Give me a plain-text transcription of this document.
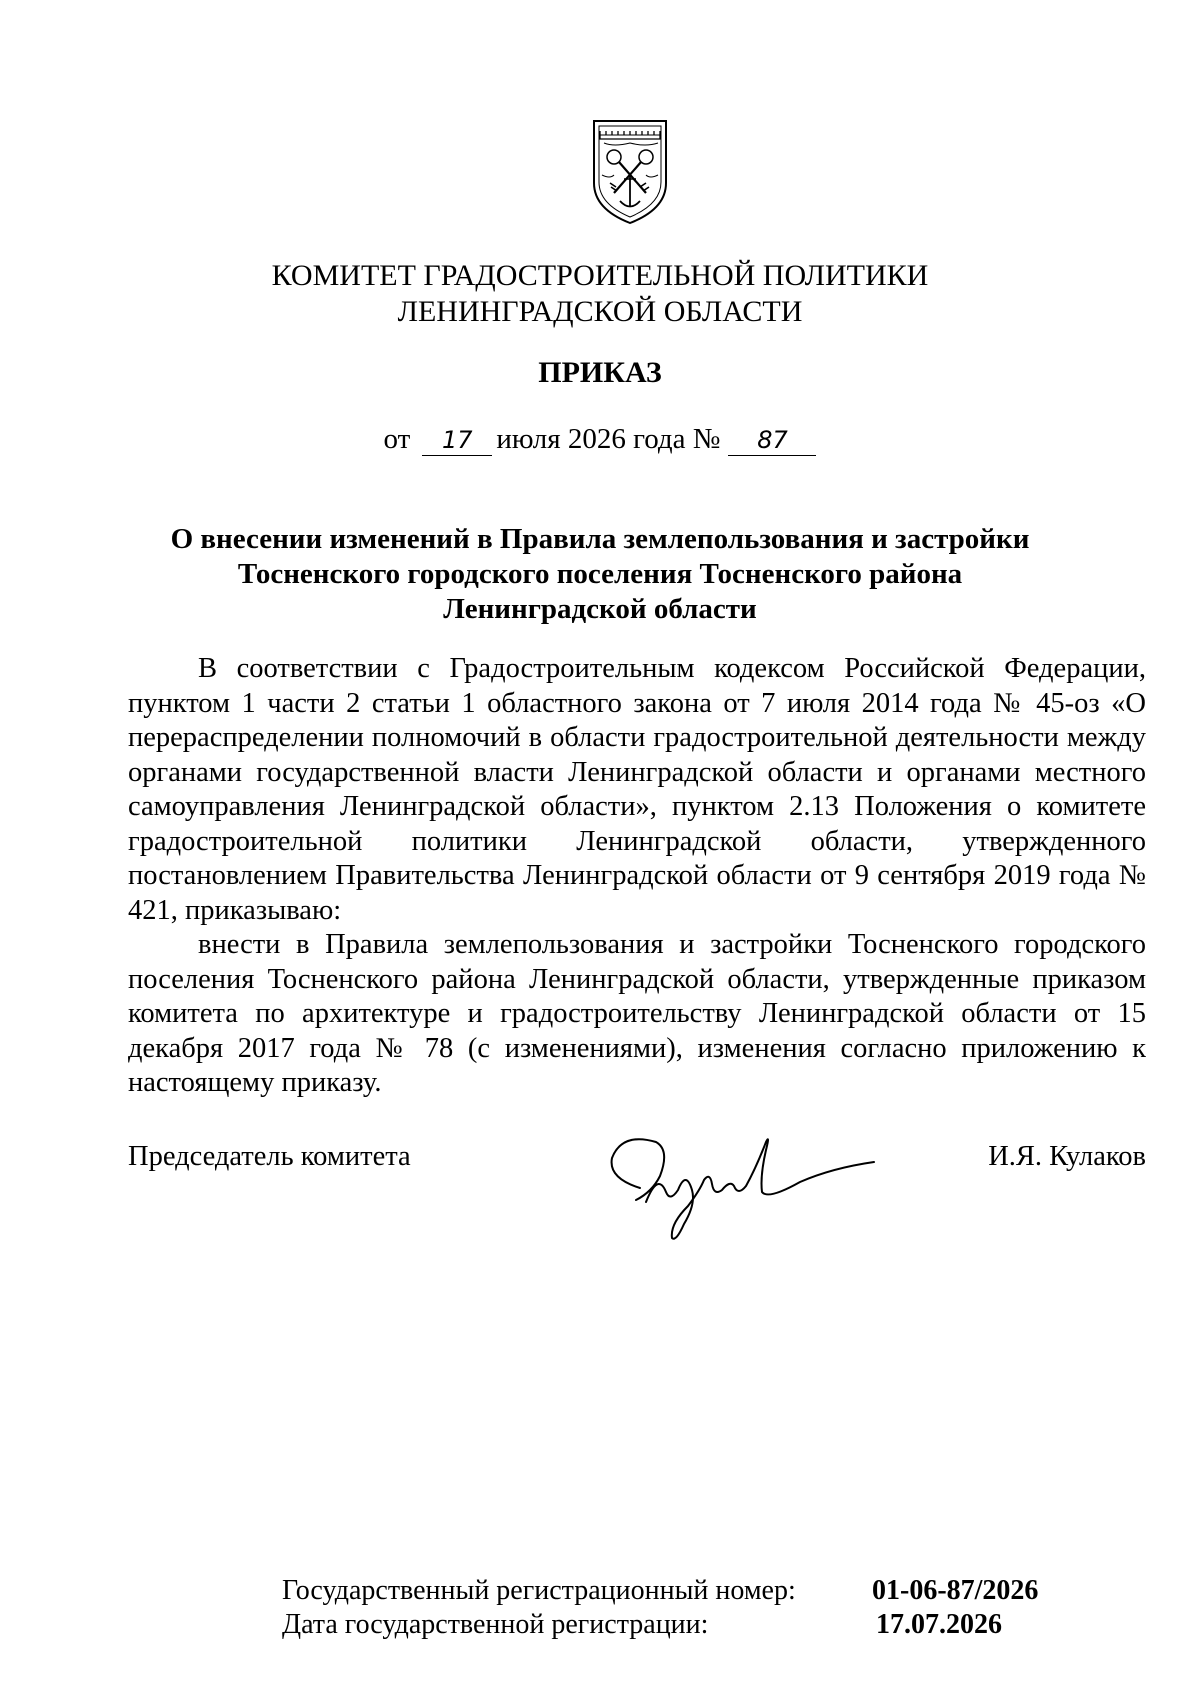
КОМИТЕТ ГРАДОСТРОИТЕЛЬНОЙ ПОЛИТИКИ
ЛЕНИНГРАДСКОЙ ОБЛАСТИ
ПРИКАЗ
от 17 июля 2026 года № 87
О внесении изменений в Правила землепользования и застройки
Тосненского городского поселения Тосненского района
Ленинградской области

В соответствии с Градостроительным кодексом Российской Федерации, пунктом 1 части 2 статьи 1 областного закона от 7 июля 2014 года № 45-оз «О перераспределении полномочий в области градостроительной деятельности между органами государственной власти Ленинградской области и органами местного самоуправления Ленинградской области», пунктом 2.13 Положения о комитете градостроительной политики Ленинградской области, утвержденного постановлением Правительства Ленинградской области от 9 сентября 2019 года № 421, приказываю:

внести в Правила землепользования и застройки Тосненского городского поселения Тосненского района Ленинградской области, утвержденные приказом комитета по архитектуре и градостроительству Ленинградской области от 15 декабря 2017 года № 78 (с изменениями), изменения согласно приложению к настоящему приказу.

Председатель комитета	И.Я. Кулаков
Государственный регистрационный номер:	01-06-87/2026
Дата государственной регистрации:	17.07.2026
